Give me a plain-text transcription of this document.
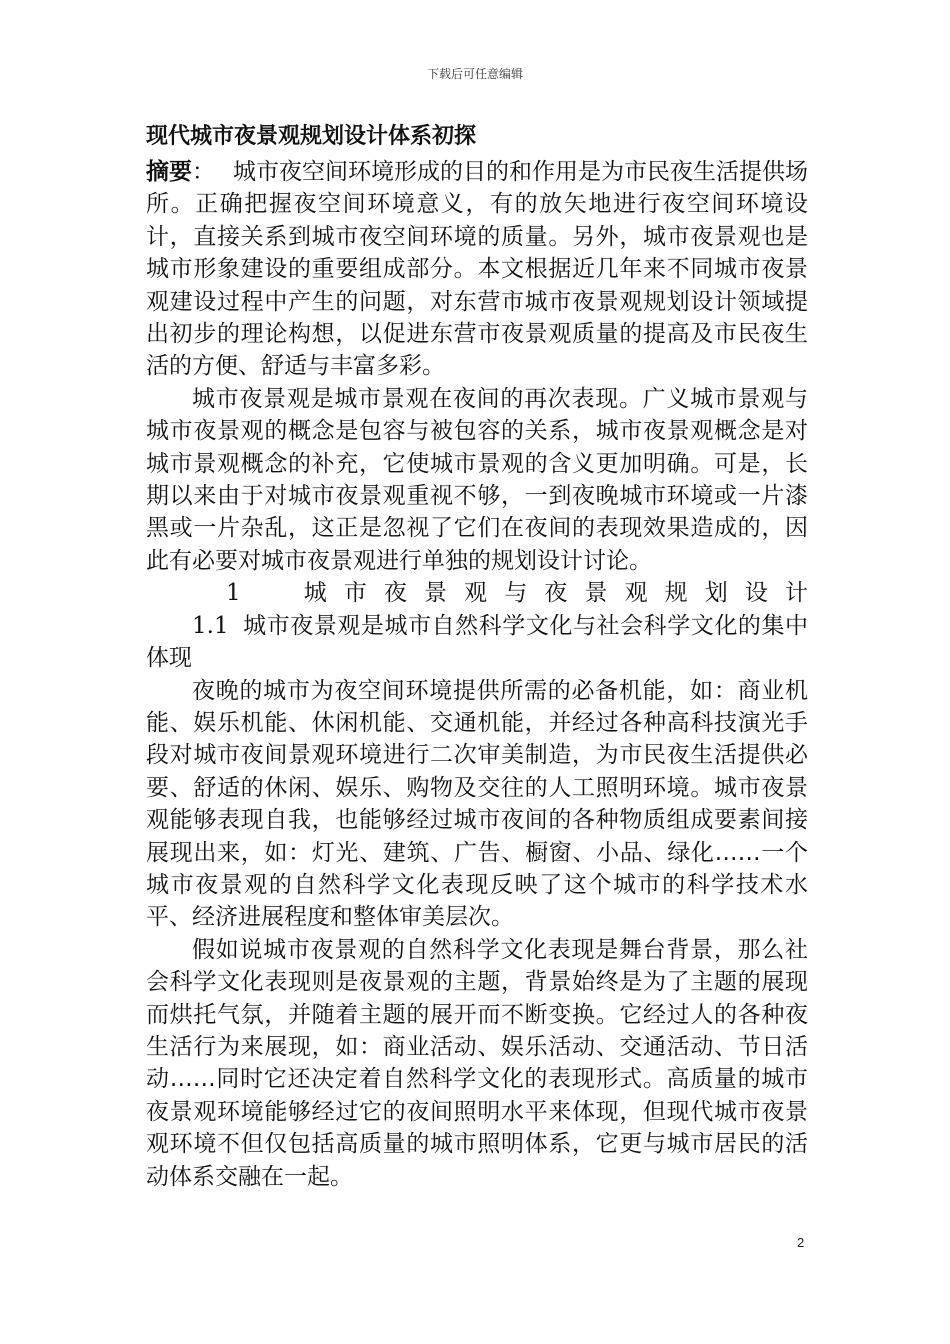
下载后可任意编辑
现代城市夜景观规划设计体系初探

摘要： 城市夜空间环境形成的目的和作用是为市民夜生活提供场所。正确把握夜空间环境意义，有的放矢地进行夜空间环境设计，直接关系到城市夜空间环境的质量。另外，城市夜景观也是城市形象建设的重要组成部分。本文根据近几年来不同城市夜景观建设过程中产生的问题，对东营市城市夜景观规划设计领域提出初步的理论构想，以促进东营市夜景观质量的提高及市民夜生活的方便、舒适与丰富多彩。

城市夜景观是城市景观在夜间的再次表现。广义城市景观与城市夜景观的概念是包容与被包容的关系，城市夜景观概念是对城市景观概念的补充，它使城市景观的含义更加明确。可是，长期以来由于对城市夜景观重视不够，一到夜晚城市环境或一片漆黑或一片杂乱，这正是忽视了它们在夜间的表现效果造成的，因此有必要对城市夜景观进行单独的规划设计讨论。

1 城市夜景观与夜景观规划设计

1.1 城市夜景观是城市自然科学文化与社会科学文化的集中体现

夜晚的城市为夜空间环境提供所需的必备机能，如：商业机能、娱乐机能、休闲机能、交通机能，并经过各种高科技演光手段对城市夜间景观环境进行二次审美制造，为市民夜生活提供必要、舒适的休闲、娱乐、购物及交往的人工照明环境。城市夜景观能够表现自我，也能够经过城市夜间的各种物质组成要素间接展现出来，如：灯光、建筑、广告、橱窗、小品、绿化……一个城市夜景观的自然科学文化表现反映了这个城市的科学技术水平、经济进展程度和整体审美层次。

假如说城市夜景观的自然科学文化表现是舞台背景，那么社会科学文化表现则是夜景观的主题，背景始终是为了主题的展现而烘托气氛，并随着主题的展开而不断变换。它经过人的各种夜生活行为来展现，如：商业活动、娱乐活动、交通活动、节日活动……同时它还决定着自然科学文化的表现形式。高质量的城市夜景观环境能够经过它的夜间照明水平来体现，但现代城市夜景观环境不但仅包括高质量的城市照明体系，它更与城市居民的活动体系交融在一起。

2
